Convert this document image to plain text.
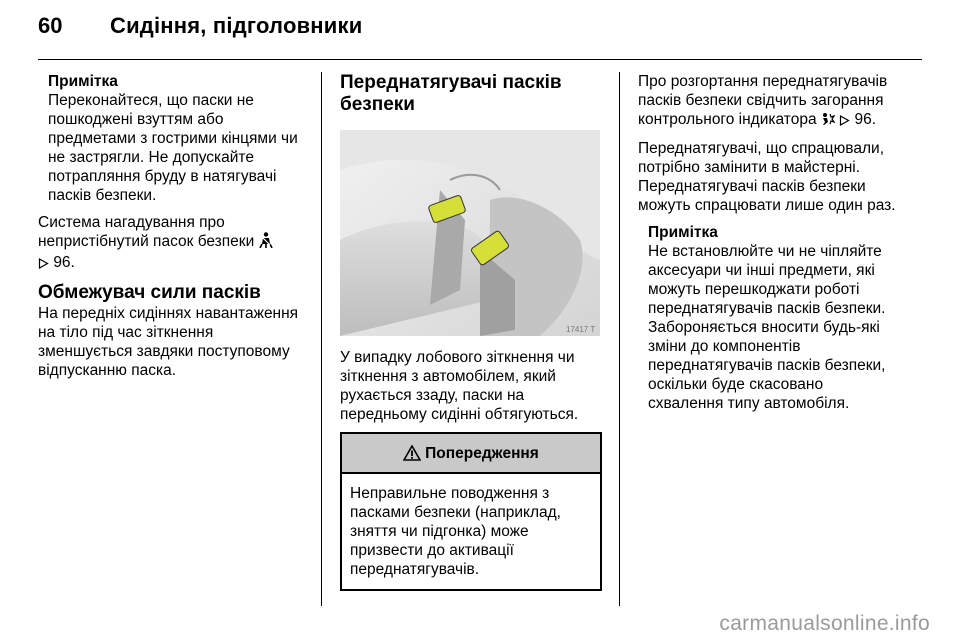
60	Сидіння, підголовники
Примітка
Переконайтеся, що паски не пошкоджені взуттям або предметами з гострими кінцями чи не застрягли. Не допускайте потрапляння бруду в натягувачі пасків безпеки.

Система нагадування про непристібнутий пасок безпеки
96.

Обмежувач сили пасків

На передніх сидіннях навантаження на тіло під час зіткнення зменшується завдяки поступовому відпусканню паска.

Переднатягувачі пасків безпеки
17417 T

У випадку лобового зіткнення чи зіткнення з автомобілем, який рухається ззаду, паски на передньому сидінні обтягуються.

Попередження
Неправильне поводження з пасками безпеки (наприклад, зняття чи підгонка) може призвести до активації переднатягувачів.

Про розгортання переднатягувачів пасків безпеки свідчить загорання контрольного індикатора 96.

Переднатягувачі, що спрацювали, потрібно замінити в майстерні. Переднатягувачі пасків безпеки можуть спрацювати лише один раз.

Примітка
Не встановлюйте чи не чіпляйте аксесуари чи інші предмети, які можуть перешкоджати роботі переднатягувачів пасків безпеки. Забороняється вносити будь-які зміни до компонентів переднатягувачів пасків безпеки, оскільки буде скасовано схвалення типу автомобіля.
carmanualsonline.info
